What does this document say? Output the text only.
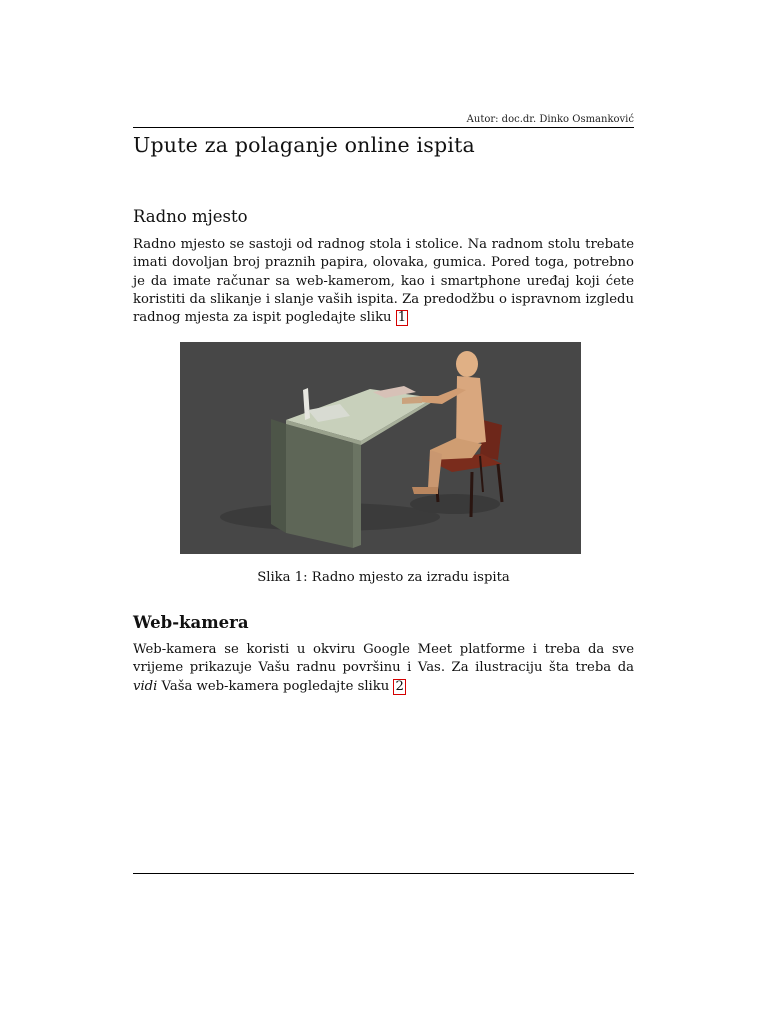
Autor: doc.dr. Dinko Osmanković
Upute za polaganje online ispita
Radno mjesto

Radno mjesto se sastoji od radnog stola i stolice. Na radnom stolu trebate imati dovoljan broj praznih papira, olovaka, gumica. Pored toga, potrebno je da imate računar sa web-kamerom, kao i smartphone uređaj koji ćete koristiti da slikanje i slanje vaših ispita. Za predodžbu o ispravnom izgledu radnog mjesta za ispit pogledajte sliku 1

Slika 1: Radno mjesto za izradu ispita
Web-kamera

Web-kamera se koristi u okviru Google Meet platforme i treba da sve vrijeme prikazuje Vašu radnu površinu i Vas. Za ilustraciju šta treba da vidi Vaša web-kamera pogledajte sliku 2
